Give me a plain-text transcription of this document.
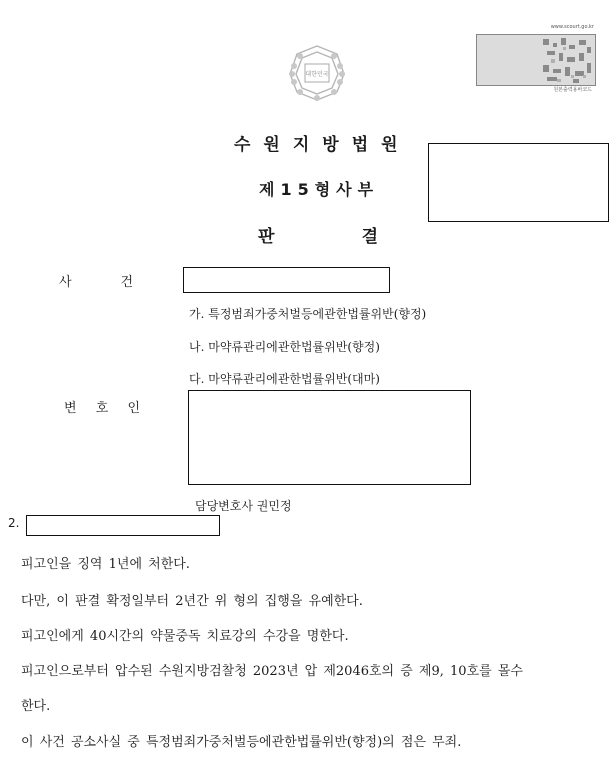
대한민국
www.scourt.go.kr
원본출력용바코드
수원지방법원
제15형사부
판	결
사	건
가. 특정범죄가중처벌등에관한법률위반(향정)
나. 마약류관리에관한법률위반(향정)
다. 마약류관리에관한법률위반(대마)
변 호 인
담당변호사 권민정
2.
피고인을 징역 1년에 처한다.
다만, 이 판결 확정일부터 2년간 위 형의 집행을 유예한다.
피고인에게 40시간의 약물중독 치료강의 수강을 명한다.
피고인으로부터 압수된 수원지방검찰청 2023년 압 제2046호의 증 제9, 10호를 몰수
한다.
이 사건 공소사실 중 특정범죄가중처벌등에관한법률위반(향정)의 점은 무죄.
